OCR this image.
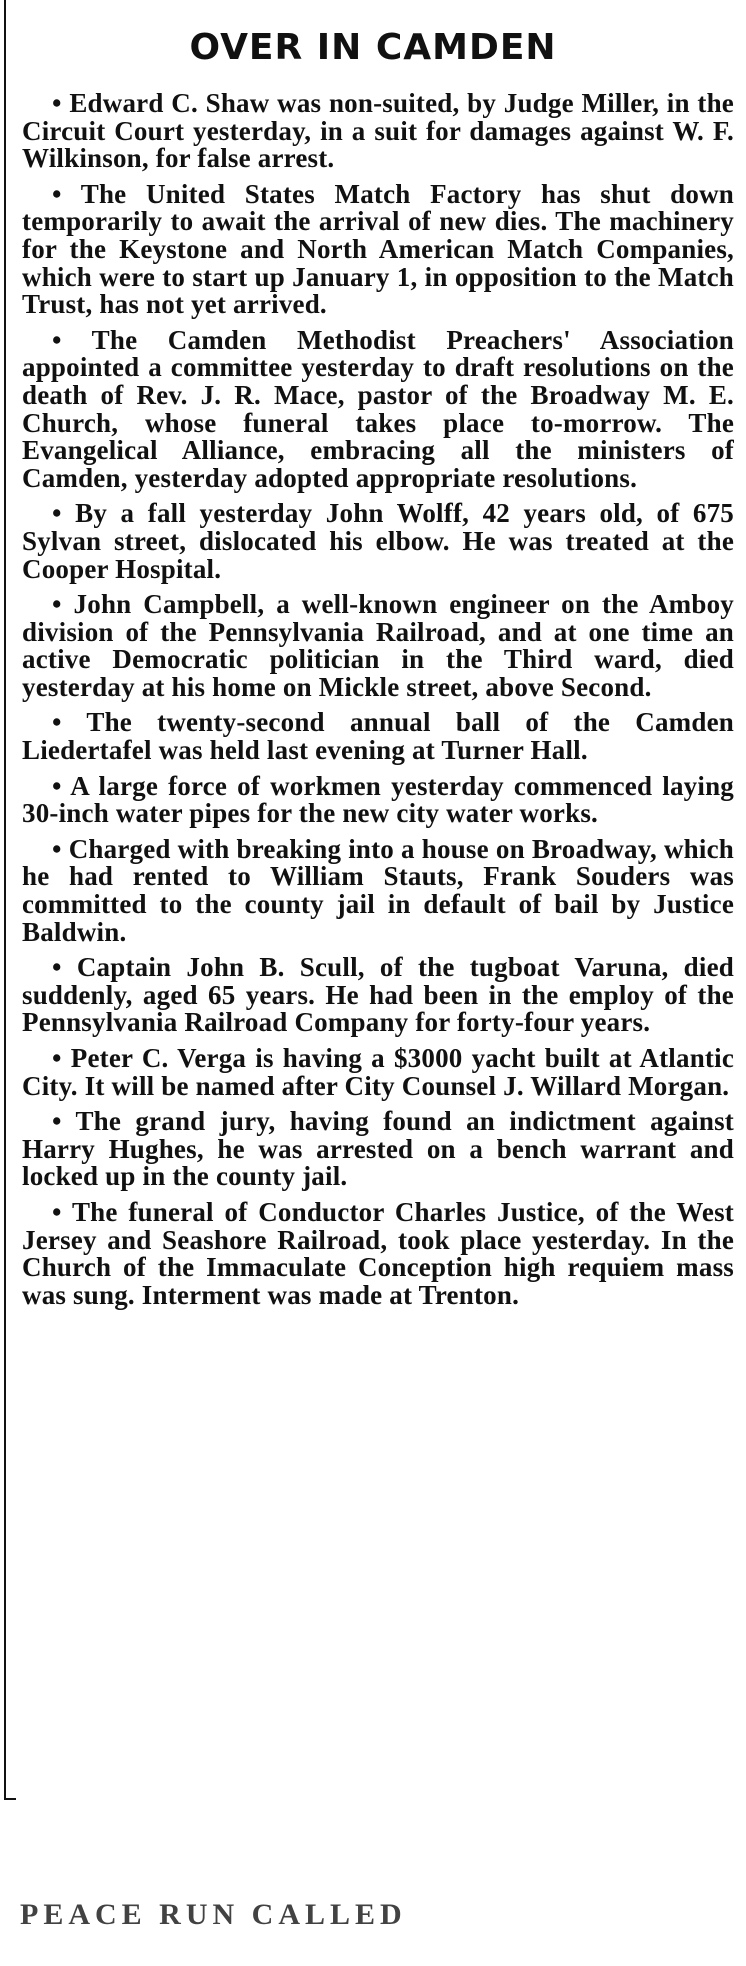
OVER IN CAMDEN

• Edward C. Shaw was non-suited, by Judge Miller, in the Circuit Court yesterday, in a suit for damages against W. F. Wilkinson, for false arrest.

• The United States Match Factory has shut down temporarily to await the arrival of new dies. The machinery for the Keystone and North American Match Companies, which were to start up January 1, in opposition to the Match Trust, has not yet arrived.

• The Camden Methodist Preachers' Association appointed a committee yesterday to draft resolutions on the death of Rev. J. R. Mace, pastor of the Broadway M. E. Church, whose funeral takes place to-morrow. The Evangelical Alliance, embracing all the ministers of Camden, yesterday adopted appropriate resolutions.

• By a fall yesterday John Wolff, 42 years old, of 675 Sylvan street, dislocated his elbow. He was treated at the Cooper Hospital.

• John Campbell, a well-known engineer on the Amboy division of the Pennsylvania Railroad, and at one time an active Democratic politician in the Third ward, died yesterday at his home on Mickle street, above Second.

• The twenty-second annual ball of the Camden Liedertafel was held last evening at Turner Hall.

• A large force of workmen yesterday commenced laying 30-inch water pipes for the new city water works.

• Charged with breaking into a house on Broadway, which he had rented to William Stauts, Frank Souders was committed to the county jail in default of bail by Justice Baldwin.

• Captain John B. Scull, of the tugboat Varuna, died suddenly, aged 65 years. He had been in the employ of the Pennsylvania Railroad Company for forty-four years.

• Peter C. Verga is having a $3000 yacht built at Atlantic City. It will be named after City Counsel J. Willard Morgan.

• The grand jury, having found an indictment against Harry Hughes, he was arrested on a bench warrant and locked up in the county jail.

• The funeral of Conductor Charles Justice, of the West Jersey and Seashore Railroad, took place yesterday. In the Church of the Immaculate Conception high requiem mass was sung. Interment was made at Trenton.

PEACE RUN CALLED
